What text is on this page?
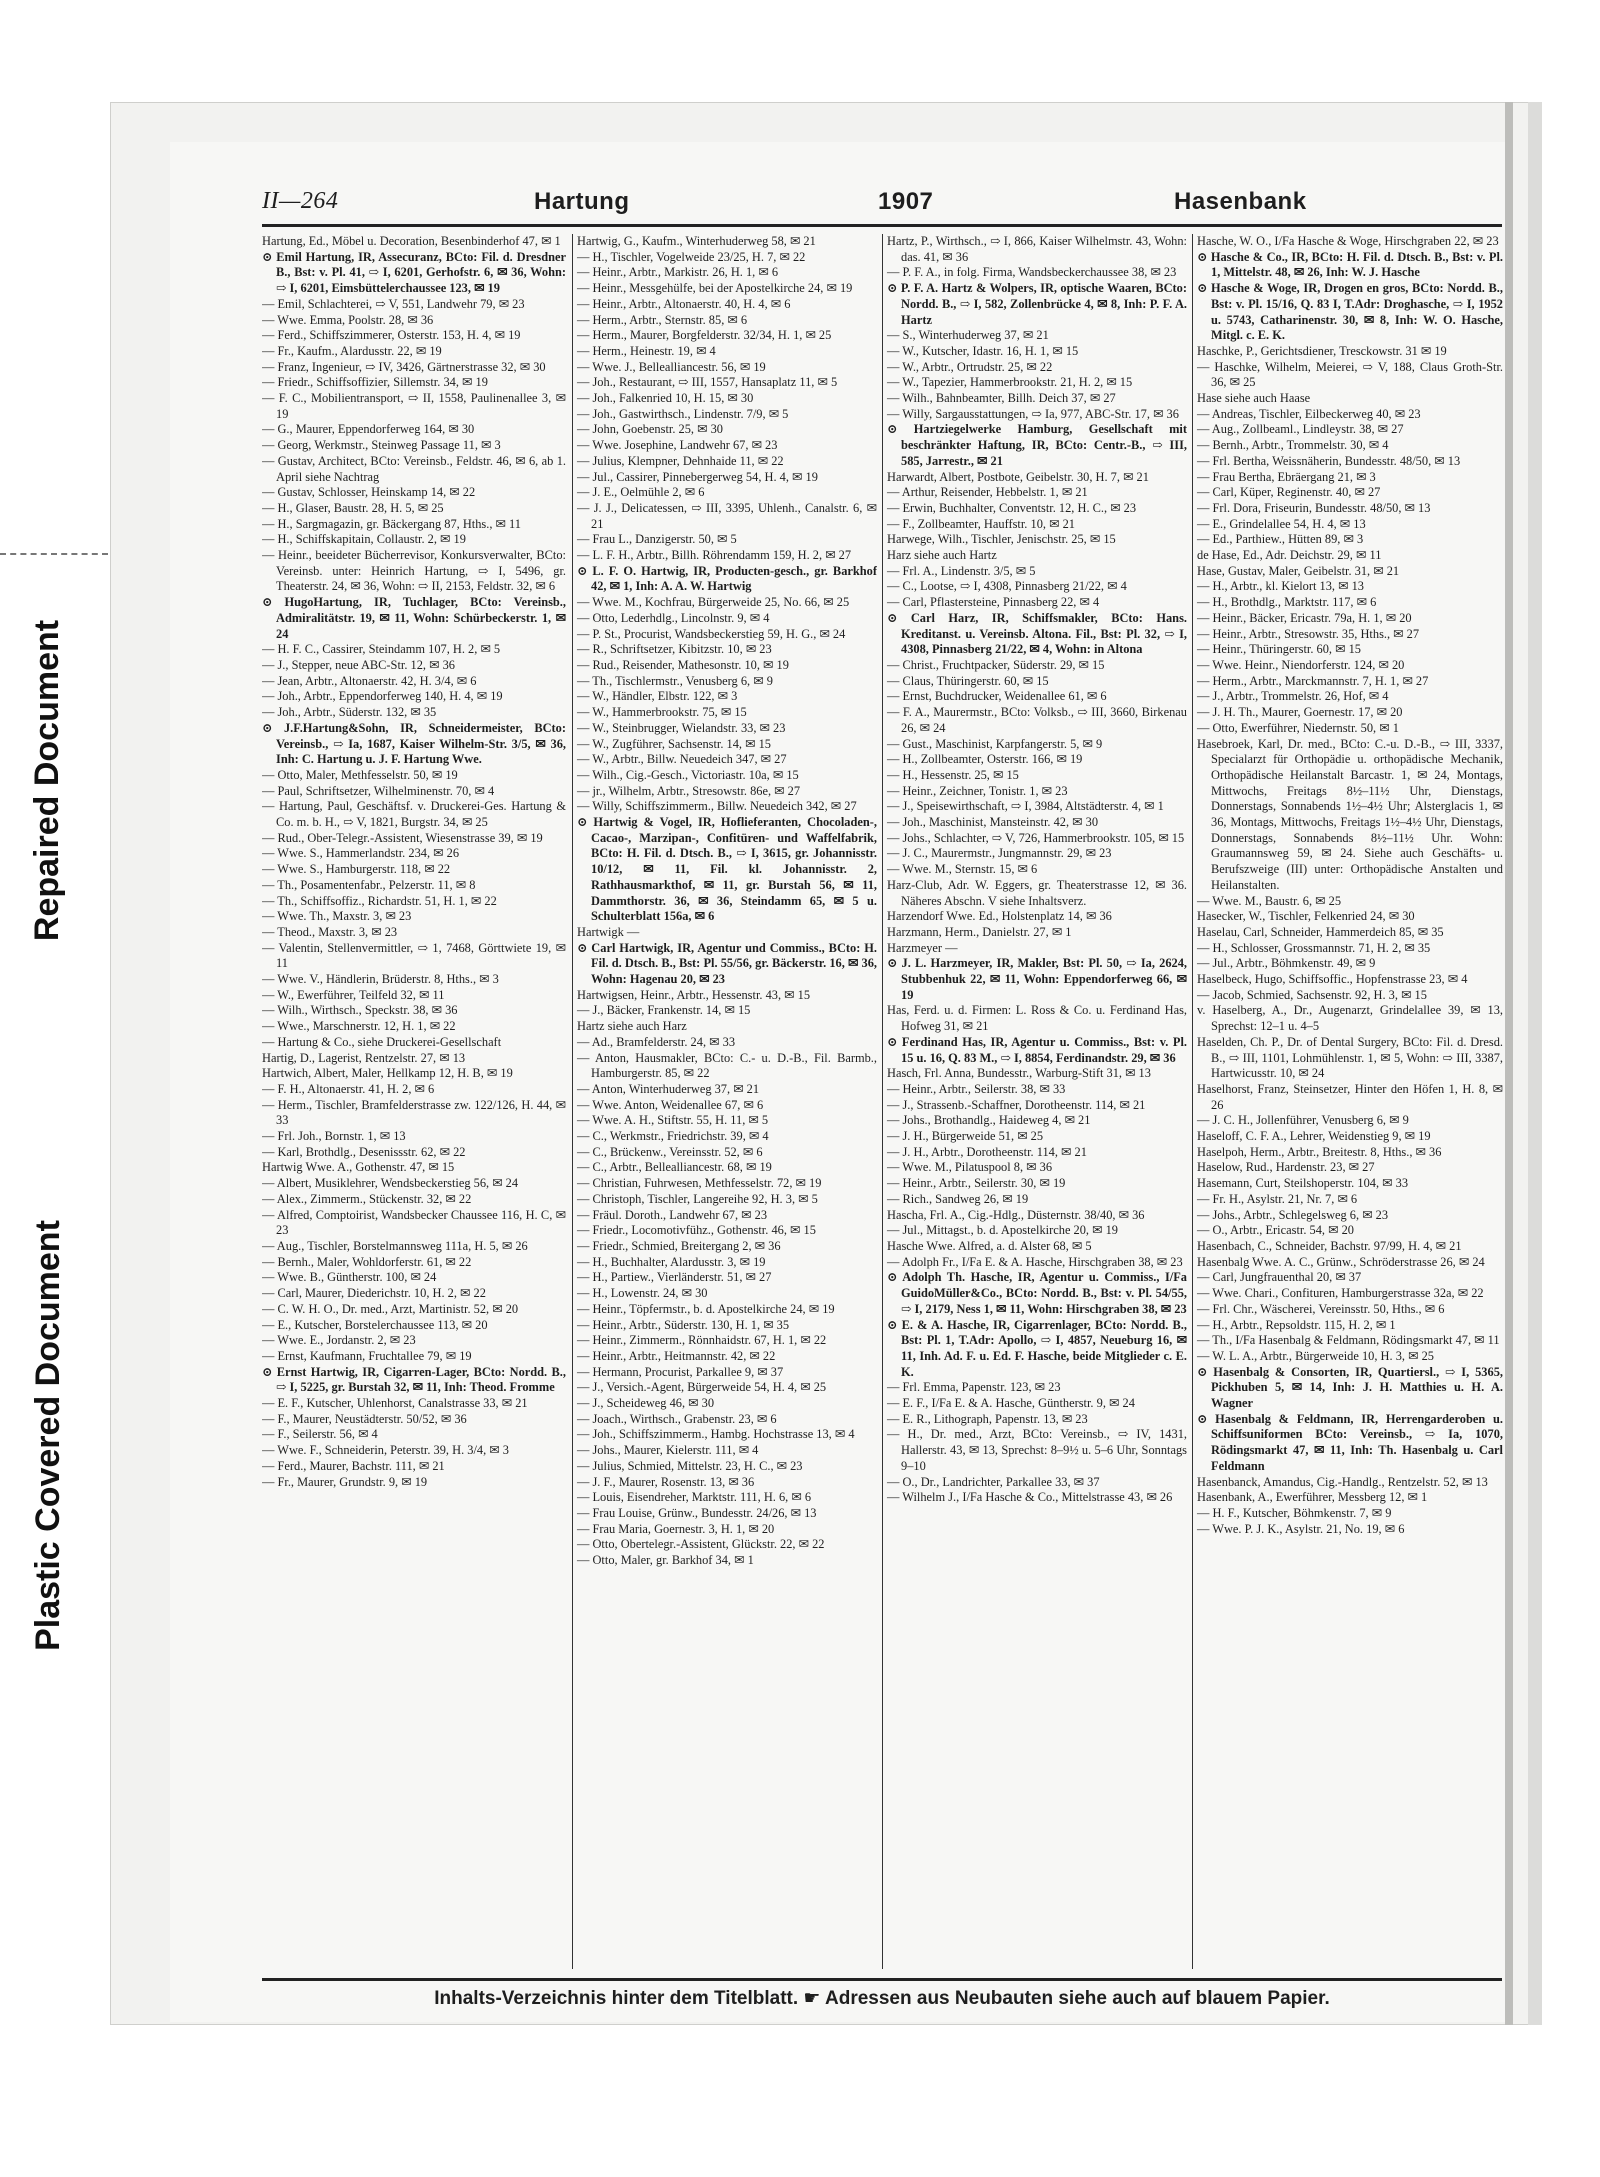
Repaired Document
Plastic Covered Document
II—264	Hartung	1907	Hasenbank

Hartung, Ed., Möbel u. Decoration, Besenbinderhof 47, ✉ 1

⊙ Emil Hartung, IR, Assecuranz, BCto: Fil. d. Dresdner B., Bst: v. Pl. 41, ⇨ I, 6201, Gerhofstr. 6, ✉ 36, Wohn: ⇨ I, 6201, Eimsbüttelerchaussee 123, ✉ 19

— Emil, Schlachterei, ⇨ V, 551, Landwehr 79, ✉ 23

— Wwe. Emma, Poolstr. 28, ✉ 36

— Ferd., Schiffszimmerer, Osterstr. 153, H. 4, ✉ 19

— Fr., Kaufm., Alardusstr. 22, ✉ 19

— Franz, Ingenieur, ⇨ IV, 3426, Gärtnerstrasse 32, ✉ 30

— Friedr., Schiffsoffizier, Sillemstr. 34, ✉ 19

— F. C., Mobilientransport, ⇨ II, 1558, Paulinenallee 3, ✉ 19

— G., Maurer, Eppendorferweg 164, ✉ 30

— Georg, Werkmstr., Steinweg Passage 11, ✉ 3

— Gustav, Architect, BCto: Vereinsb., Feldstr. 46, ✉ 6, ab 1. April siehe Nachtrag

— Gustav, Schlosser, Heinskamp 14, ✉ 22

— H., Glaser, Baustr. 28, H. 5, ✉ 25

— H., Sargmagazin, gr. Bäckergang 87, Hths., ✉ 11

— H., Schiffskapitain, Collaustr. 2, ✉ 19

— Heinr., beeideter Bücherrevisor, Konkursverwalter, BCto: Vereinsb. unter: Heinrich Hartung, ⇨ I, 5496, gr. Theaterstr. 24, ✉ 36, Wohn: ⇨ II, 2153, Feldstr. 32, ✉ 6

⊙ HugoHartung, IR, Tuchlager, BCto: Vereinsb., Admiralitätstr. 19, ✉ 11, Wohn: Schürbeckerstr. 1, ✉ 24

— H. F. C., Cassirer, Steindamm 107, H. 2, ✉ 5

— J., Stepper, neue ABC-Str. 12, ✉ 36

— Jean, Arbtr., Altonaerstr. 42, H. 3/4, ✉ 6

— Joh., Arbtr., Eppendorferweg 140, H. 4, ✉ 19

— Joh., Arbtr., Süderstr. 132, ✉ 35

⊙ J.F.Hartung&Sohn, IR, Schneidermeister, BCto: Vereinsb., ⇨ Ia, 1687, Kaiser Wilhelm-Str. 3/5, ✉ 36, Inh: C. Hartung u. J. F. Hartung Wwe.

— Otto, Maler, Methfesselstr. 50, ✉ 19

— Paul, Schriftsetzer, Wilhelminenstr. 70, ✉ 4

— Hartung, Paul, Geschäftsf. v. Druckerei-Ges. Hartung & Co. m. b. H., ⇨ V, 1821, Burgstr. 34, ✉ 25

— Rud., Ober-Telegr.-Assistent, Wiesenstrasse 39, ✉ 19

— Wwe. S., Hammerlandstr. 234, ✉ 26

— Wwe. S., Hamburgerstr. 118, ✉ 22

— Th., Posamentenfabr., Pelzerstr. 11, ✉ 8

— Th., Schiffsoffiz., Richardstr. 51, H. 1, ✉ 22

— Wwe. Th., Maxstr. 3, ✉ 23

— Theod., Maxstr. 3, ✉ 23

— Valentin, Stellenvermittler, ⇨ 1, 7468, Görttwiete 19, ✉ 11

— Wwe. V., Händlerin, Brüderstr. 8, Hths., ✉ 3

— W., Ewerführer, Teilfeld 32, ✉ 11

— Wilh., Wirthsch., Speckstr. 38, ✉ 36

— Wwe., Marschnerstr. 12, H. 1, ✉ 22

— Hartung & Co., siehe Druckerei-Gesellschaft

Hartig, D., Lagerist, Rentzelstr. 27, ✉ 13

Hartwich, Albert, Maler, Hellkamp 12, H. B, ✉ 19

— F. H., Altonaerstr. 41, H. 2, ✉ 6

— Herm., Tischler, Bramfelderstrasse zw. 122/126, H. 44, ✉ 33

— Frl. Joh., Bornstr. 1, ✉ 13

— Karl, Brothdlg., Desenissstr. 62, ✉ 22

Hartwig Wwe. A., Gothenstr. 47, ✉ 15

— Albert, Musiklehrer, Wendsbeckerstieg 56, ✉ 24

— Alex., Zimmerm., Stückenstr. 32, ✉ 22

— Alfred, Comptoirist, Wandsbecker Chaussee 116, H. C, ✉ 23

— Aug., Tischler, Borstelmannsweg 111a, H. 5, ✉ 26

— Bernh., Maler, Wohldorferstr. 61, ✉ 22

— Wwe. B., Güntherstr. 100, ✉ 24

— Carl, Maurer, Diederichstr. 10, H. 2, ✉ 22

— C. W. H. O., Dr. med., Arzt, Martinistr. 52, ✉ 20

— E., Kutscher, Borstelerchaussee 113, ✉ 20

— Wwe. E., Jordanstr. 2, ✉ 23

— Ernst, Kaufmann, Fruchtallee 79, ✉ 19

⊙ Ernst Hartwig, IR, Cigarren-Lager, BCto: Nordd. B., ⇨ I, 5225, gr. Burstah 32, ✉ 11, Inh: Theod. Fromme

— E. F., Kutscher, Uhlenhorst, Canalstrasse 33, ✉ 21

— F., Maurer, Neustädterstr. 50/52, ✉ 36

— F., Seilerstr. 56, ✉ 4

— Wwe. F., Schneiderin, Peterstr. 39, H. 3/4, ✉ 3

— Ferd., Maurer, Bachstr. 111, ✉ 21

— Fr., Maurer, Grundstr. 9, ✉ 19

Hartwig, G., Kaufm., Winterhuderweg 58, ✉ 21

— H., Tischler, Vogelweide 23/25, H. 7, ✉ 22

— Heinr., Arbtr., Markistr. 26, H. 1, ✉ 6

— Heinr., Messgehülfe, bei der Apostelkirche 24, ✉ 19

— Heinr., Arbtr., Altonaerstr. 40, H. 4, ✉ 6

— Herm., Arbtr., Sternstr. 85, ✉ 6

— Herm., Maurer, Borgfelderstr. 32/34, H. 1, ✉ 25

— Herm., Heinestr. 19, ✉ 4

— Wwe. J., Bellealliancestr. 56, ✉ 19

— Joh., Restaurant, ⇨ III, 1557, Hansaplatz 11, ✉ 5

— Joh., Falkenried 10, H. 15, ✉ 30

— Joh., Gastwirthsch., Lindenstr. 7/9, ✉ 5

— John, Goebenstr. 25, ✉ 30

— Wwe. Josephine, Landwehr 67, ✉ 23

— Julius, Klempner, Dehnhaide 11, ✉ 22

— Jul., Cassirer, Pinnebergerweg 54, H. 4, ✉ 19

— J. E., Oelmühle 2, ✉ 6

— J. J., Delicatessen, ⇨ III, 3395, Uhlenh., Canalstr. 6, ✉ 21

— Frau L., Danzigerstr. 50, ✉ 5

— L. F. H., Arbtr., Billh. Röhrendamm 159, H. 2, ✉ 27

⊙ L. F. O. Hartwig, IR, Producten-gesch., gr. Barkhof 42, ✉ 1, Inh: A. A. W. Hartwig

— Wwe. M., Kochfrau, Bürgerweide 25, No. 66, ✉ 25

— Otto, Lederhdlg., Lincolnstr. 9, ✉ 4

— P. St., Procurist, Wandsbeckerstieg 59, H. G., ✉ 24

— R., Schriftsetzer, Kibitzstr. 10, ✉ 23

— Rud., Reisender, Mathesonstr. 10, ✉ 19

— Th., Tischlermstr., Venusberg 6, ✉ 9

— W., Händler, Elbstr. 122, ✉ 3

— W., Hammerbrookstr. 75, ✉ 15

— W., Steinbrugger, Wielandstr. 33, ✉ 23

— W., Zugführer, Sachsenstr. 14, ✉ 15

— W., Arbtr., Billw. Neuedeich 347, ✉ 27

— Wilh., Cig.-Gesch., Victoriastr. 10a, ✉ 15

— jr., Wilhelm, Arbtr., Stresowstr. 86e, ✉ 27

— Willy, Schiffszimmerm., Billw. Neuedeich 342, ✉ 27

⊙ Hartwig & Vogel, IR, Hoflieferanten, Chocoladen-, Cacao-, Marzipan-, Confitüren- und Waffelfabrik, BCto: H. Fil. d. Dtsch. B., ⇨ I, 3615, gr. Johannisstr. 10/12, ✉ 11, Fil. kl. Johannisstr. 2, Rathhausmarkthof, ✉ 11, gr. Burstah 56, ✉ 11, Dammthorstr. 36, ✉ 36, Steindamm 65, ✉ 5 u. Schulterblatt 156a, ✉ 6

Hartwigk —

⊙ Carl Hartwigk, IR, Agentur und Commiss., BCto: H. Fil. d. Dtsch. B., Bst: Pl. 55/56, gr. Bäckerstr. 16, ✉ 36, Wohn: Hagenau 20, ✉ 23

Hartwigsen, Heinr., Arbtr., Hessenstr. 43, ✉ 15

— J., Bäcker, Frankenstr. 14, ✉ 15

Hartz siehe auch Harz

— Ad., Bramfelderstr. 24, ✉ 33

— Anton, Hausmakler, BCto: C.- u. D.-B., Fil. Barmb., Hamburgerstr. 85, ✉ 22

— Anton, Winterhuderweg 37, ✉ 21

— Wwe. Anton, Weidenallee 67, ✉ 6

— Wwe. A. H., Stiftstr. 55, H. 11, ✉ 5

— C., Werkmstr., Friedrichstr. 39, ✉ 4

— C., Brückenw., Vereinsstr. 52, ✉ 6

— C., Arbtr., Bellealliancestr. 68, ✉ 19

— Christian, Fuhrwesen, Methfesselstr. 72, ✉ 19

— Christoph, Tischler, Langereihe 92, H. 3, ✉ 5

— Fräul. Doroth., Landwehr 67, ✉ 23

— Friedr., Locomotivfühz., Gothenstr. 46, ✉ 15

— Friedr., Schmied, Breitergang 2, ✉ 36

— H., Buchhalter, Alardusstr. 3, ✉ 19

— H., Partiew., Vierländerstr. 51, ✉ 27

— H., Lowenstr. 24, ✉ 30

— Heinr., Töpfermstr., b. d. Apostelkirche 24, ✉ 19

— Heinr., Arbtr., Süderstr. 130, H. 1, ✉ 35

— Heinr., Zimmerm., Rönnhaidstr. 67, H. 1, ✉ 22

— Heinr., Arbtr., Heitmannstr. 42, ✉ 22

— Hermann, Procurist, Parkallee 9, ✉ 37

— J., Versich.-Agent, Bürgerweide 54, H. 4, ✉ 25

— J., Scheideweg 46, ✉ 30

— Joach., Wirthsch., Grabenstr. 23, ✉ 6

— Joh., Schiffszimmerm., Hambg. Hochstrasse 13, ✉ 4

— Johs., Maurer, Kielerstr. 111, ✉ 4

— Julius, Schmied, Mittelstr. 23, H. C., ✉ 23

— J. F., Maurer, Rosenstr. 13, ✉ 36

— Louis, Eisendreher, Marktstr. 111, H. 6, ✉ 6

— Frau Louise, Grünw., Bundesstr. 24/26, ✉ 13

— Frau Maria, Goernestr. 3, H. 1, ✉ 20

— Otto, Obertelegr.-Assistent, Glückstr. 22, ✉ 22

— Otto, Maler, gr. Barkhof 34, ✉ 1

Hartz, P., Wirthsch., ⇨ I, 866, Kaiser Wilhelmstr. 43, Wohn: das. 41, ✉ 36

— P. F. A., in folg. Firma, Wandsbeckerchaussee 38, ✉ 23

⊙ P. F. A. Hartz & Wolpers, IR, optische Waaren, BCto: Nordd. B., ⇨ I, 582, Zollenbrücke 4, ✉ 8, Inh: P. F. A. Hartz

— S., Winterhuderweg 37, ✉ 21

— W., Kutscher, Idastr. 16, H. 1, ✉ 15

— W., Arbtr., Ortrudstr. 25, ✉ 22

— W., Tapezier, Hammerbrookstr. 21, H. 2, ✉ 15

— Wilh., Bahnbeamter, Billh. Deich 37, ✉ 27

— Willy, Sargausstattungen, ⇨ Ia, 977, ABC-Str. 17, ✉ 36

⊙ Hartziegelwerke Hamburg, Gesellschaft mit beschränkter Haftung, IR, BCto: Centr.-B., ⇨ III, 585, Jarrestr., ✉ 21

Harwardt, Albert, Postbote, Geibelstr. 30, H. 7, ✉ 21

— Arthur, Reisender, Hebbelstr. 1, ✉ 21

— Erwin, Buchhalter, Conventstr. 12, H. C., ✉ 23

— F., Zollbeamter, Hauffstr. 10, ✉ 21

Harwege, Wilh., Tischler, Jenischstr. 25, ✉ 15

Harz siehe auch Hartz

— Frl. A., Lindenstr. 3/5, ✉ 5

— C., Lootse, ⇨ I, 4308, Pinnasberg 21/22, ✉ 4

— Carl, Pflastersteine, Pinnasberg 22, ✉ 4

⊙ Carl Harz, IR, Schiffsmakler, BCto: Hans. Kreditanst. u. Vereinsb. Altona. Fil., Bst: Pl. 32, ⇨ I, 4308, Pinnasberg 21/22, ✉ 4, Wohn: in Altona

— Christ., Fruchtpacker, Süderstr. 29, ✉ 15

— Claus, Thüringerstr. 60, ✉ 15

— Ernst, Buchdrucker, Weidenallee 61, ✉ 6

— F. A., Maurermstr., BCto: Volksb., ⇨ III, 3660, Birkenau 26, ✉ 24

— Gust., Maschinist, Karpfangerstr. 5, ✉ 9

— H., Zollbeamter, Osterstr. 166, ✉ 19

— H., Hessenstr. 25, ✉ 15

— Heinr., Zeichner, Tonistr. 1, ✉ 23

— J., Speisewirthschaft, ⇨ I, 3984, Altstädterstr. 4, ✉ 1

— Joh., Maschinist, Mansteinstr. 42, ✉ 30

— Johs., Schlachter, ⇨ V, 726, Hammerbrookstr. 105, ✉ 15

— J. C., Maurermstr., Jungmannstr. 29, ✉ 23

— Wwe. M., Sternstr. 15, ✉ 6

Harz-Club, Adr. W. Eggers, gr. Theaterstrasse 12, ✉ 36. Näheres Abschn. V siehe Inhaltsverz.

Harzendorf Wwe. Ed., Holstenplatz 14, ✉ 36

Harzmann, Herm., Danielstr. 27, ✉ 1

Harzmeyer —

⊙ J. L. Harzmeyer, IR, Makler, Bst: Pl. 50, ⇨ Ia, 2624, Stubbenhuk 22, ✉ 11, Wohn: Eppendorferweg 66, ✉ 19

Has, Ferd. u. d. Firmen: L. Ross & Co. u. Ferdinand Has, Hofweg 31, ✉ 21

⊙ Ferdinand Has, IR, Agentur u. Commiss., Bst: v. Pl. 15 u. 16, Q. 83 M., ⇨ I, 8854, Ferdinandstr. 29, ✉ 36

Hasch, Frl. Anna, Bundesstr., Warburg-Stift 31, ✉ 13

— Heinr., Arbtr., Seilerstr. 38, ✉ 33

— J., Strassenb.-Schaffner, Dorotheenstr. 114, ✉ 21

— Johs., Brothandlg., Haideweg 4, ✉ 21

— J. H., Bürgerweide 51, ✉ 25

— J. H., Arbtr., Dorotheenstr. 114, ✉ 21

— Wwe. M., Pilatuspool 8, ✉ 36

— Heinr., Arbtr., Seilerstr. 30, ✉ 19

— Rich., Sandweg 26, ✉ 19

Hascha, Frl. A., Cig.-Hdlg., Düsternstr. 38/40, ✉ 36

— Jul., Mittagst., b. d. Apostelkirche 20, ✉ 19

Hasche Wwe. Alfred, a. d. Alster 68, ✉ 5

— Adolph Fr., I/Fa E. & A. Hasche, Hirschgraben 38, ✉ 23

⊙ Adolph Th. Hasche, IR, Agentur u. Commiss., I/Fa GuidoMüller&Co., BCto: Nordd. B., Bst: v. Pl. 54/55, ⇨ I, 2179, Ness 1, ✉ 11, Wohn: Hirschgraben 38, ✉ 23

⊙ E. & A. Hasche, IR, Cigarrenlager, BCto: Nordd. B., Bst: Pl. 1, T.Adr: Apollo, ⇨ I, 4857, Neueburg 16, ✉ 11, Inh. Ad. F. u. Ed. F. Hasche, beide Mitglieder c. E. K.

— Frl. Emma, Papenstr. 123, ✉ 23

— E. F., I/Fa E. & A. Hasche, Güntherstr. 9, ✉ 24

— E. R., Lithograph, Papenstr. 13, ✉ 23

— H., Dr. med., Arzt, BCto: Vereinsb., ⇨ IV, 1431, Hallerstr. 43, ✉ 13, Sprechst: 8–9½ u. 5–6 Uhr, Sonntags 9–10

— O., Dr., Landrichter, Parkallee 33, ✉ 37

— Wilhelm J., I/Fa Hasche & Co., Mittelstrasse 43, ✉ 26

Hasche, W. O., I/Fa Hasche & Woge, Hirschgraben 22, ✉ 23

⊙ Hasche & Co., IR, BCto: H. Fil. d. Dtsch. B., Bst: v. Pl. 1, Mittelstr. 48, ✉ 26, Inh: W. J. Hasche

⊙ Hasche & Woge, IR, Drogen en gros, BCto: Nordd. B., Bst: v. Pl. 15/16, Q. 83 I, T.Adr: Droghasche, ⇨ I, 1952 u. 5743, Catharinenstr. 30, ✉ 8, Inh: W. O. Hasche, Mitgl. c. E. K.

Haschke, P., Gerichtsdiener, Tresckowstr. 31 ✉ 19

— Haschke, Wilhelm, Meierei, ⇨ V, 188, Claus Groth-Str. 36, ✉ 25

Hase siehe auch Haase

— Andreas, Tischler, Eilbeckerweg 40, ✉ 23

— Aug., Zollbeaml., Lindleystr. 38, ✉ 27

— Bernh., Arbtr., Trommelstr. 30, ✉ 4

— Frl. Bertha, Weissnäherin, Bundesstr. 48/50, ✉ 13

— Frau Bertha, Ebräergang 21, ✉ 3

— Carl, Küper, Reginenstr. 40, ✉ 27

— Frl. Dora, Friseurin, Bundesstr. 48/50, ✉ 13

— E., Grindelallee 54, H. 4, ✉ 13

— Ed., Parthiew., Hütten 89, ✉ 3

de Hase, Ed., Adr. Deichstr. 29, ✉ 11

Hase, Gustav, Maler, Geibelstr. 31, ✉ 21

— H., Arbtr., kl. Kielort 13, ✉ 13

— H., Brothdlg., Marktstr. 117, ✉ 6

— Heinr., Bäcker, Ericastr. 79a, H. 1, ✉ 20

— Heinr., Arbtr., Stresowstr. 35, Hths., ✉ 27

— Heinr., Thüringerstr. 60, ✉ 15

— Wwe. Heinr., Niendorferstr. 124, ✉ 20

— Herm., Arbtr., Marckmannstr. 7, H. 1, ✉ 27

— J., Arbtr., Trommelstr. 26, Hof, ✉ 4

— J. H. Th., Maurer, Goernestr. 17, ✉ 20

— Otto, Ewerführer, Niedernstr. 50, ✉ 1

Hasebroek, Karl, Dr. med., BCto: C.-u. D.-B., ⇨ III, 3337, Specialarzt für Orthopädie u. orthopädische Mechanik, Orthopädische Heilanstalt Barcastr. 1, ✉ 24, Montags, Mittwochs, Freitags 8½–11½ Uhr, Dienstags, Donnerstags, Sonnabends 1½–4½ Uhr; Alsterglacis 1, ✉ 36, Montags, Mittwochs, Freitags 1½–4½ Uhr, Dienstags, Donnerstags, Sonnabends 8½–11½ Uhr. Wohn: Graumannsweg 59, ✉ 24. Siehe auch Geschäfts- u. Berufszweige (III) unter: Orthopädische Anstalten und Heilanstalten.

— Wwe. M., Baustr. 6, ✉ 25

Hasecker, W., Tischler, Felkenried 24, ✉ 30

Haselau, Carl, Schneider, Hammerdeich 85, ✉ 35

— H., Schlosser, Grossmannstr. 71, H. 2, ✉ 35

— Jul., Arbtr., Böhmkenstr. 49, ✉ 9

Haselbeck, Hugo, Schiffsoffic., Hopfenstrasse 23, ✉ 4

— Jacob, Schmied, Sachsenstr. 92, H. 3, ✉ 15

v. Haselberg, A., Dr., Augenarzt, Grindelallee 39, ✉ 13, Sprechst: 12–1 u. 4–5

Haselden, Ch. P., Dr. of Dental Surgery, BCto: Fil. d. Dresd. B., ⇨ III, 1101, Lohmühlenstr. 1, ✉ 5, Wohn: ⇨ III, 3387, Hartwicusstr. 10, ✉ 24

Haselhorst, Franz, Steinsetzer, Hinter den Höfen 1, H. 8, ✉ 26

— J. C. H., Jollenführer, Venusberg 6, ✉ 9

Haseloff, C. F. A., Lehrer, Weidenstieg 9, ✉ 19

Haselpoh, Herm., Arbtr., Breitestr. 8, Hths., ✉ 36

Haselow, Rud., Hardenstr. 23, ✉ 27

Hasemann, Curt, Steilshoperstr. 104, ✉ 33

— Fr. H., Asylstr. 21, Nr. 7, ✉ 6

— Johs., Arbtr., Schlegelsweg 6, ✉ 23

— O., Arbtr., Ericastr. 54, ✉ 20

Hasenbach, C., Schneider, Bachstr. 97/99, H. 4, ✉ 21

Hasenbalg Wwe. A. C., Grünw., Schröderstrasse 26, ✉ 24

— Carl, Jungfrauenthal 20, ✉ 37

— Wwe. Chari., Confituren, Hamburgerstrasse 32a, ✉ 22

— Frl. Chr., Wäscherei, Vereinsstr. 50, Hths., ✉ 6

— H., Arbtr., Repsoldstr. 115, H. 2, ✉ 1

— Th., I/Fa Hasenbalg & Feldmann, Rödingsmarkt 47, ✉ 11

— W. L. A., Arbtr., Bürgerweide 10, H. 3, ✉ 25

⊙ Hasenbalg & Consorten, IR, Quartiersl., ⇨ I, 5365, Pickhuben 5, ✉ 14, Inh: J. H. Matthies u. H. A. Wagner

⊙ Hasenbalg & Feldmann, IR, Herrengarderoben u. Schiffsuniformen BCto: Vereinsb., ⇨ Ia, 1070, Rödingsmarkt 47, ✉ 11, Inh: Th. Hasenbalg u. Carl Feldmann

Hasenbanck, Amandus, Cig.-Handlg., Rentzelstr. 52, ✉ 13

Hasenbank, A., Ewerführer, Messberg 12, ✉ 1

— H. F., Kutscher, Böhmkenstr. 7, ✉ 9

— Wwe. P. J. K., Asylstr. 21, No. 19, ✉ 6

Inhalts-Verzeichnis hinter dem Titelblatt. ☛ Adressen aus Neubauten siehe auch auf blauem Papier.
